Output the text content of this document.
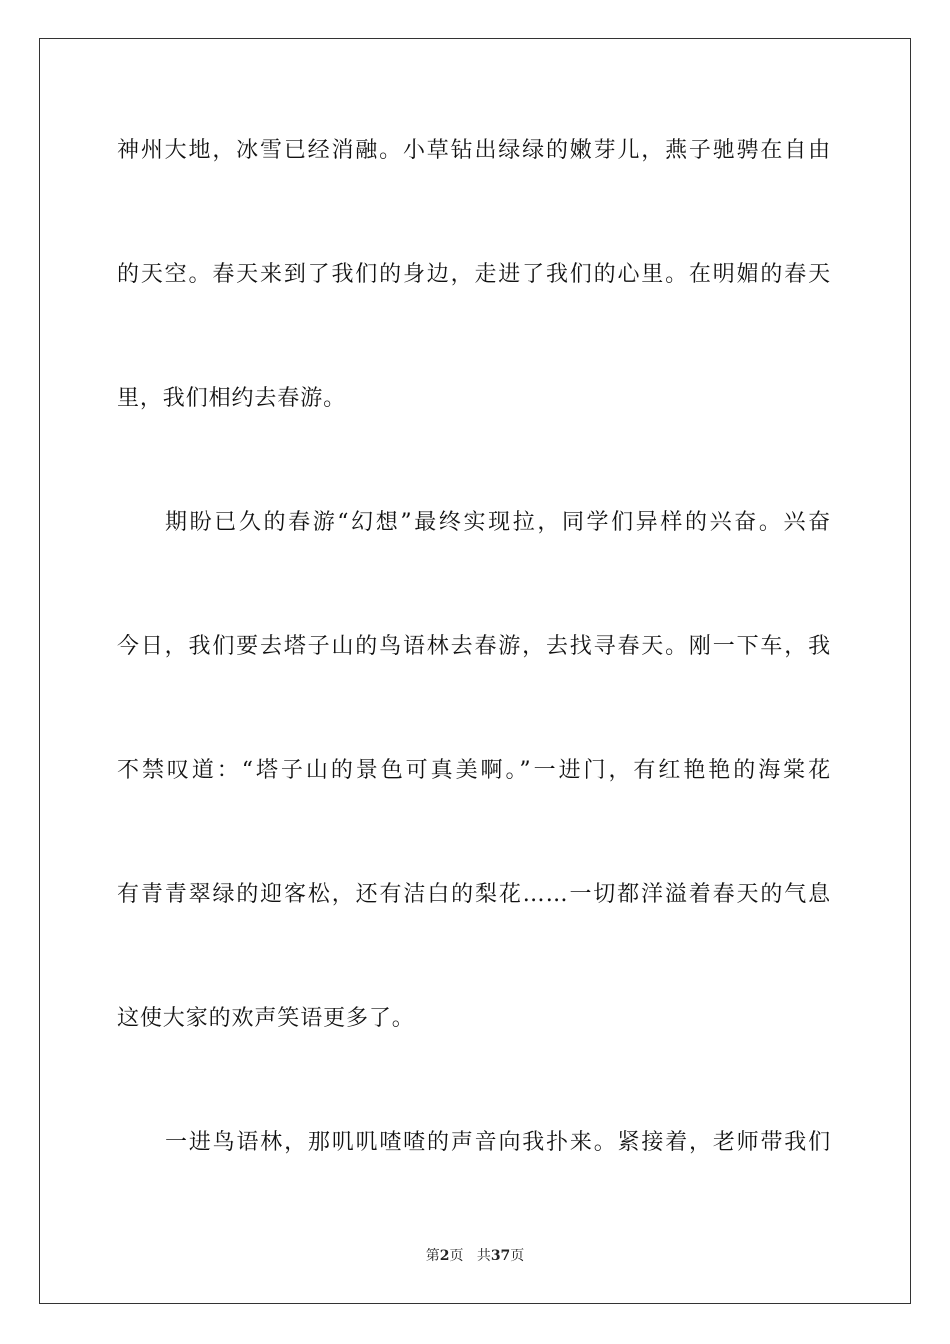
神州大地，冰雪已经消融。小草钻出绿绿的嫩芽儿，燕子驰骋在自由
的天空。春天来到了我们的身边，走进了我们的心里。在明媚的春天
里，我们相约去春游。
期盼已久的春游“幻想”最终实现拉，同学们异样的兴奋。兴奋
今日，我们要去塔子山的鸟语林去春游，去找寻春天。刚一下车，我
不禁叹道：“塔子山的景色可真美啊。”一进门，有红艳艳的海棠花
有青青翠绿的迎客松，还有洁白的梨花……一切都洋溢着春天的气息
这使大家的欢声笑语更多了。
一进鸟语林，那叽叽喳喳的声音向我扑来。紧接着，老师带我们
第2页 共37页
